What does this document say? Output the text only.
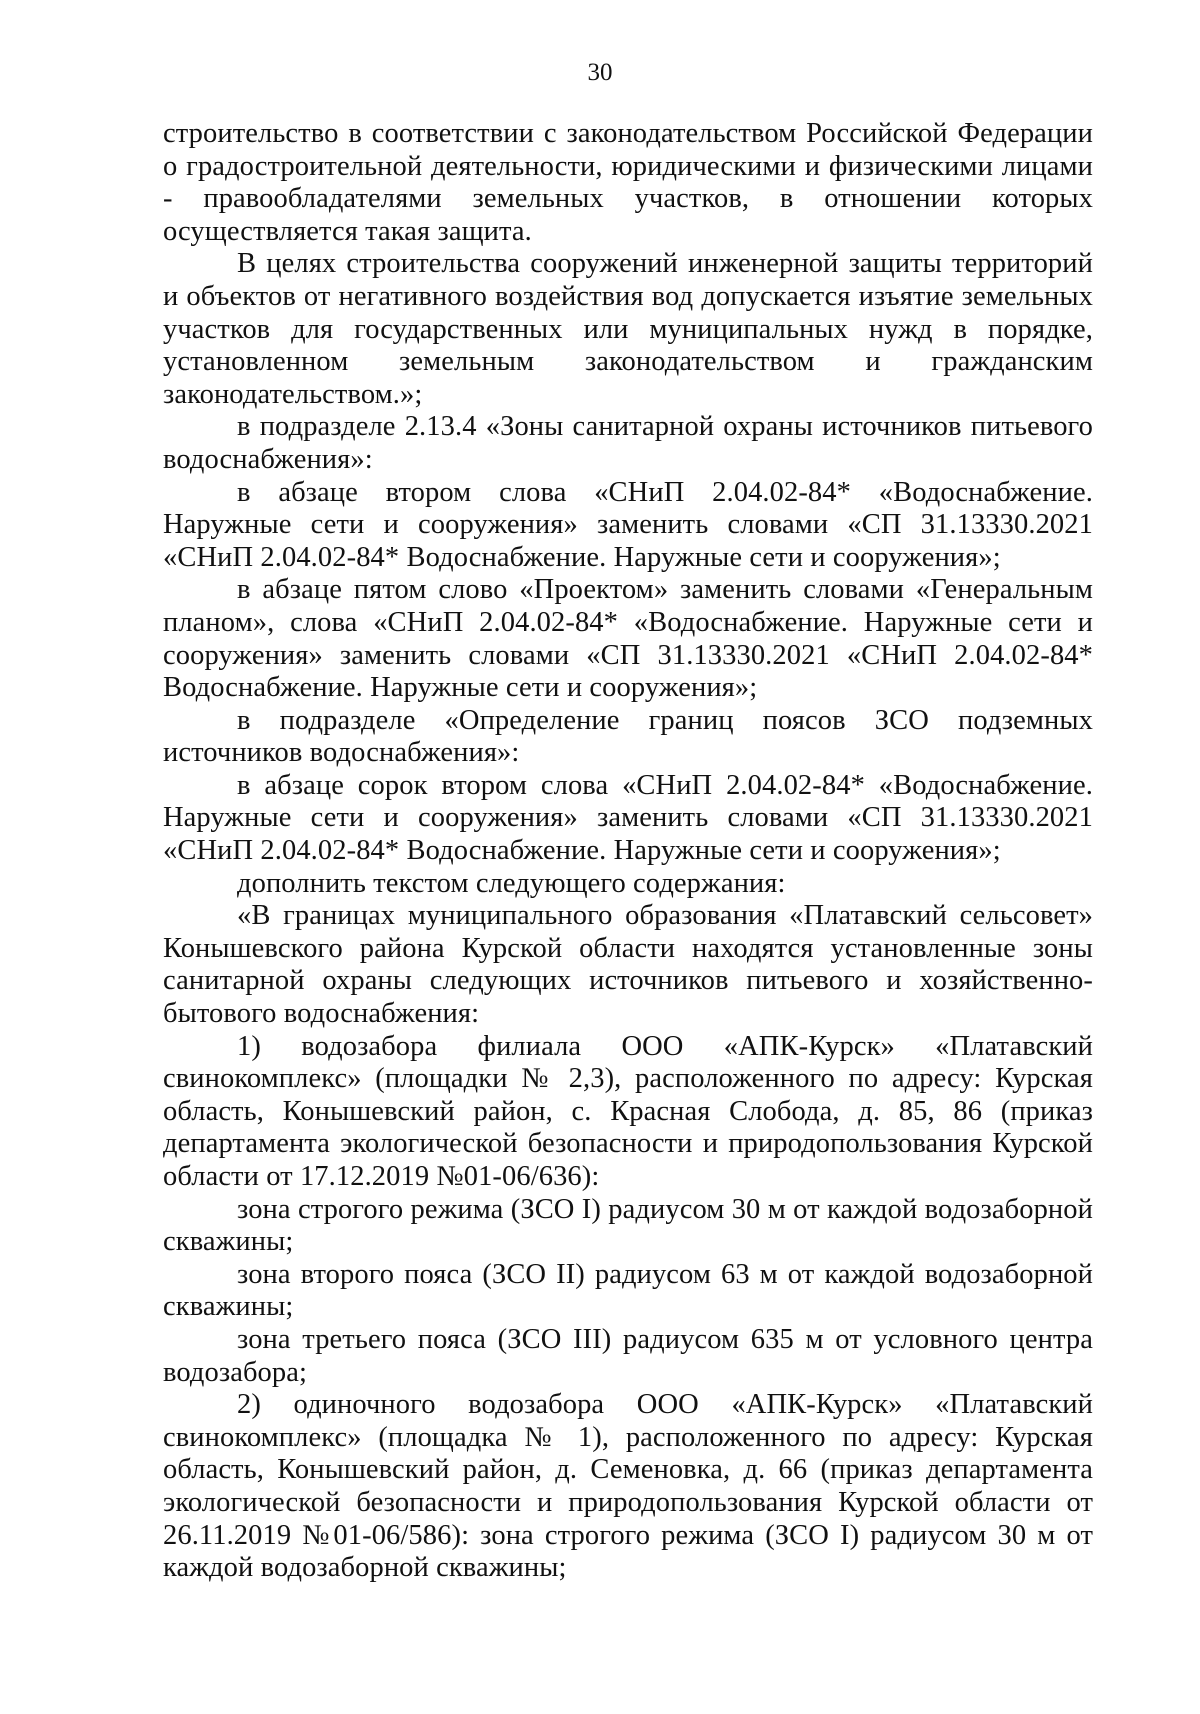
30

строительство в соответствии с законодательством Российской Федерации о градостроительной деятельности, юридическими и физическими лицами - правообладателями земельных участков, в отношении которых осуществляется такая защита.

В целях строительства сооружений инженерной защиты территорий и объектов от негативного воздействия вод допускается изъятие земельных участков для государственных или муниципальных нужд в порядке, установленном земельным законодательством и гражданским законодательством.»;

в подразделе 2.13.4 «Зоны санитарной охраны источников питьевого водоснабжения»:

в абзаце втором слова «СНиП 2.04.02-84* «Водоснабжение. Наружные сети и сооружения» заменить словами «СП 31.13330.2021 «СНиП 2.04.02-84* Водоснабжение. Наружные сети и сооружения»;

в абзаце пятом слово «Проектом» заменить словами «Генеральным планом», слова «СНиП 2.04.02-84* «Водоснабжение. Наружные сети и сооружения» заменить словами «СП 31.13330.2021 «СНиП 2.04.02-84* Водоснабжение. Наружные сети и сооружения»;

в подразделе «Определение границ поясов ЗСО подземных источников водоснабжения»:

в абзаце сорок втором слова «СНиП 2.04.02-84* «Водоснабжение. Наружные сети и сооружения» заменить словами «СП 31.13330.2021 «СНиП 2.04.02-84* Водоснабжение. Наружные сети и сооружения»;

дополнить текстом следующего содержания:

«В границах муниципального образования «Платавский сельсовет» Конышевского района Курской области находятся установленные зоны санитарной охраны следующих источников питьевого и хозяйственно-бытового водоснабжения:

1) водозабора филиала ООО «АПК-Курск» «Платавский свинокомплекс» (площадки № 2,3), расположенного по адресу: Курская область, Конышевский район, с. Красная Слобода, д. 85, 86 (приказ департамента экологической безопасности и природопользования Курской области от 17.12.2019 №01-06/636):

зона строгого режима (ЗСО I) радиусом 30 м от каждой водозаборной скважины;

зона второго пояса (ЗСО II) радиусом 63 м от каждой водозаборной скважины;

зона третьего пояса (ЗСО III) радиусом 635 м от условного центра водозабора;

2) одиночного водозабора ООО «АПК-Курск» «Платавский свинокомплекс» (площадка № 1), расположенного по адресу: Курская область, Конышевский район, д. Семеновка, д. 66 (приказ департамента экологической безопасности и природопользования Курской области от 26.11.2019 №01-06/586): зона строгого режима (ЗСО I) радиусом 30 м от каждой водозаборной скважины;
